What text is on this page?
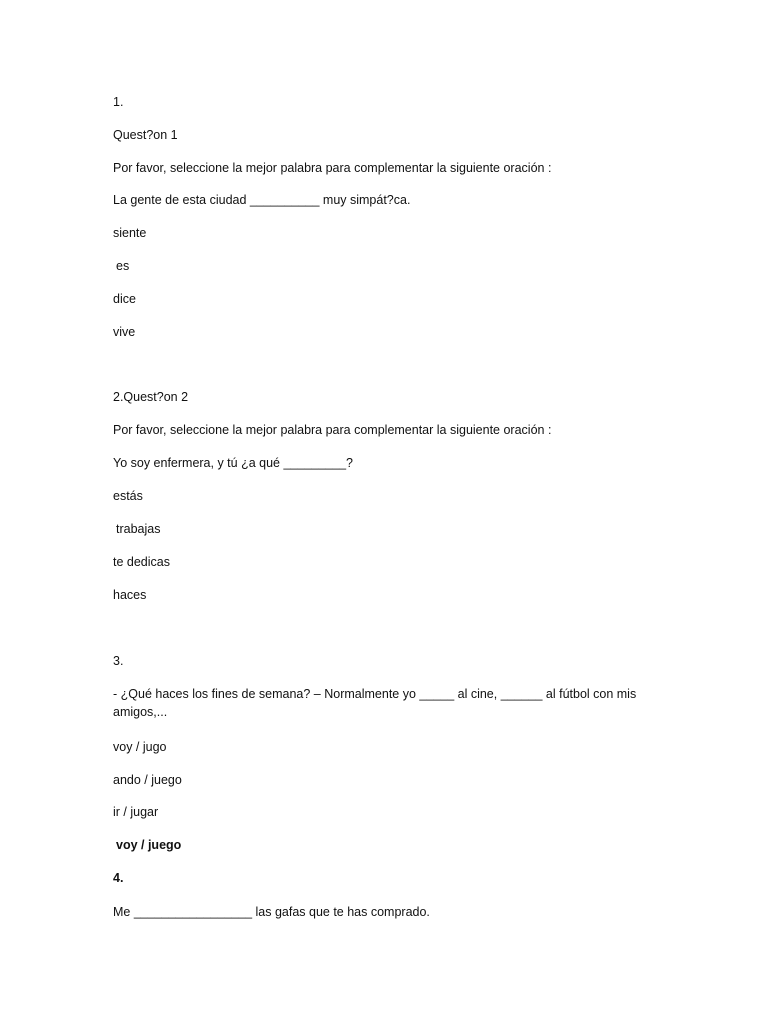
1.
Quest?on 1
Por favor, seleccione la mejor palabra para complementar la siguiente oración :
La gente de esta ciudad __________ muy simpát?ca.
siente
es
dice
vive
2.Quest?on 2
Por favor, seleccione la mejor palabra para complementar la siguiente oración :
Yo soy enfermera, y tú ¿a qué _________?
estás
trabajas
te dedicas
haces
3.
- ¿Qué haces los fines de semana? – Normalmente yo _____ al cine, ______ al fútbol con mis amigos,...
voy / jugo
ando / juego
ir / jugar
voy / juego
4.
Me _________________ las gafas que te has comprado.
